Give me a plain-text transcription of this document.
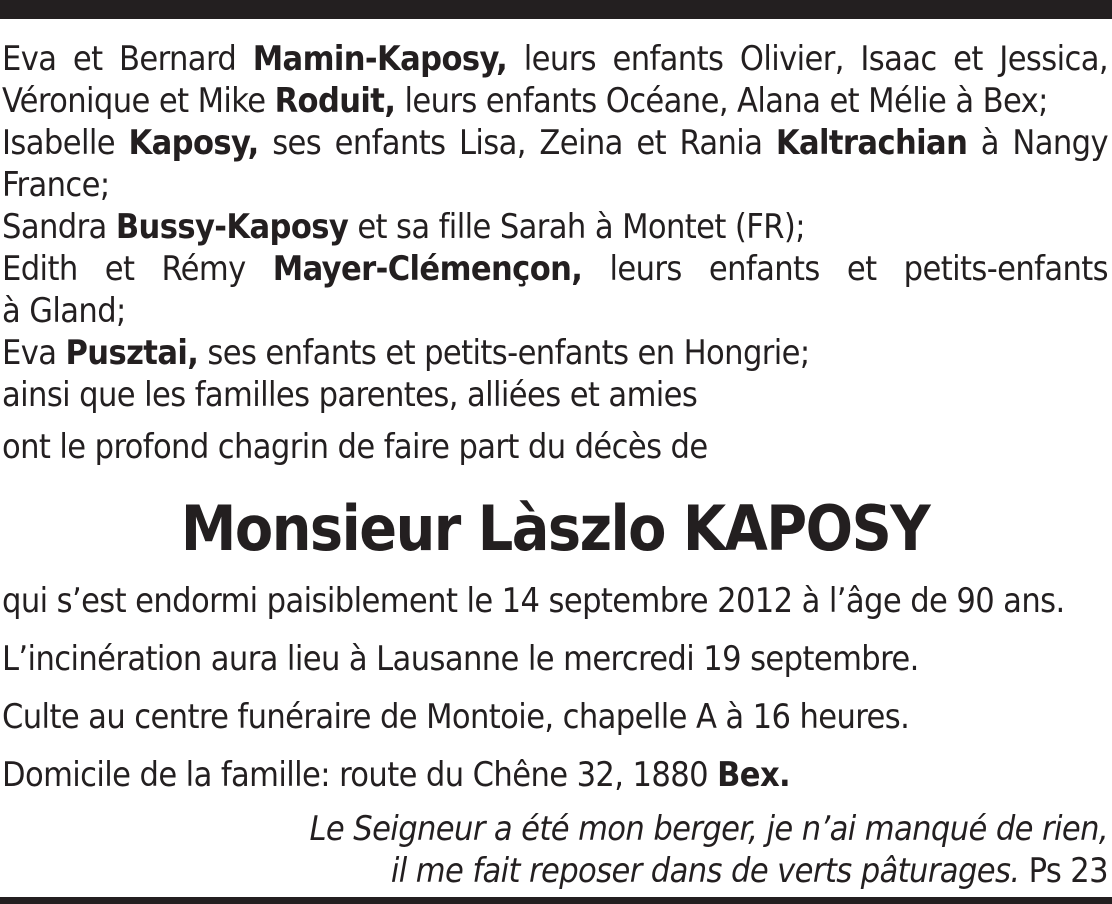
Eva et Bernard Mamin-Kaposy, leurs enfants Olivier, Isaac et Jessica,
Véronique et Mike Roduit, leurs enfants Océane, Alana et Mélie à Bex;
Isabelle Kaposy, ses enfants Lisa, Zeina et Rania Kaltrachian à Nangy
France;
Sandra Bussy-Kaposy et sa fille Sarah à Montet (FR);
Edith et Rémy Mayer-Clémençon, leurs enfants et petits-enfants
à Gland;
Eva Pusztai, ses enfants et petits-enfants en Hongrie;
ainsi que les familles parentes, alliées et amies
ont le profond chagrin de faire part du décès de
Monsieur Làszlo KAPOSY
qui s’est endormi paisiblement le 14 septembre 2012 à l’âge de 90 ans.
L’incinération aura lieu à Lausanne le mercredi 19 septembre.
Culte au centre funéraire de Montoie, chapelle A à 16 heures.
Domicile de la famille: route du Chêne 32, 1880 Bex.
Le Seigneur a été mon berger, je n’ai manqué de rien,
il me fait reposer dans de verts pâturages. Ps 23
